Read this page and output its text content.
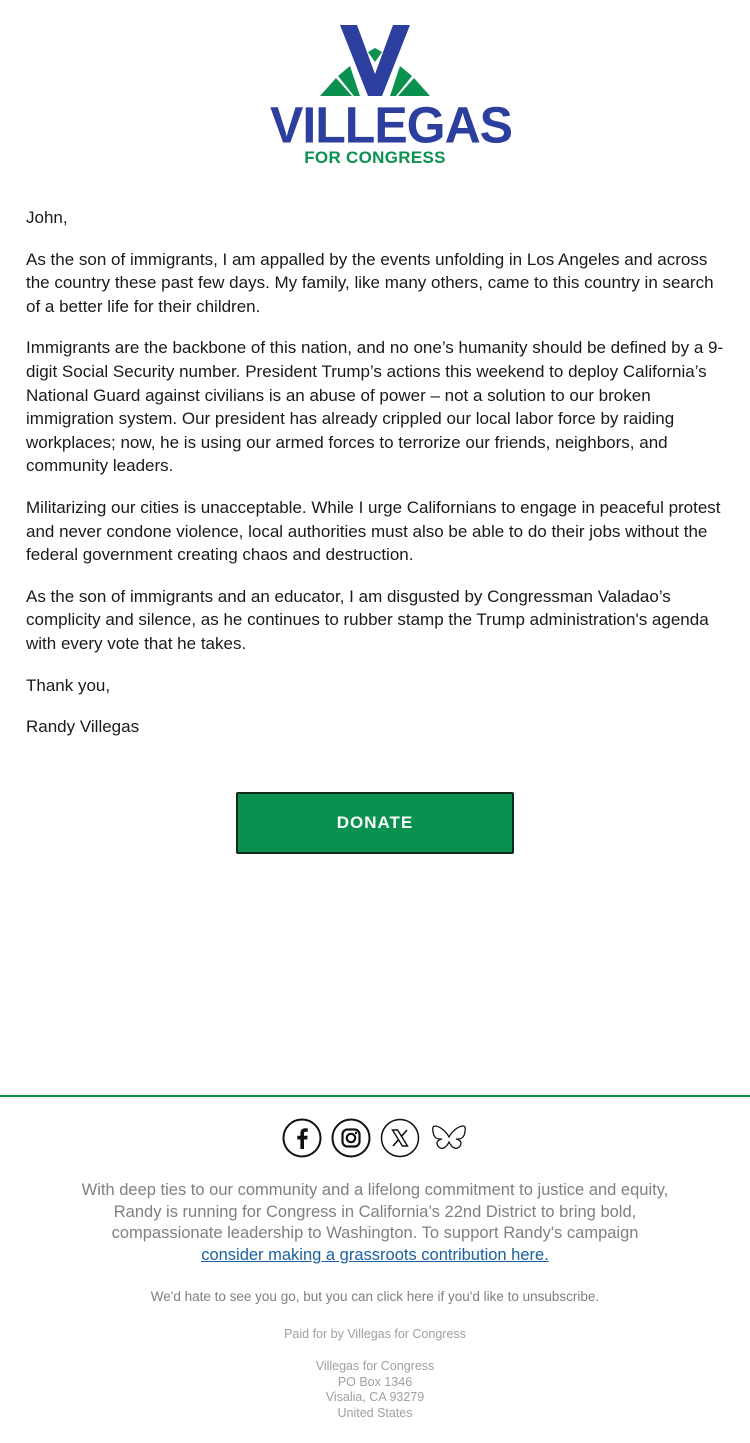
VILLEGAS
FOR CONGRESS

John,

As the son of immigrants, I am appalled by the events unfolding in Los Angeles and across the country these past few days. My family, like many others, came to this country in search of a better life for their children.

Immigrants are the backbone of this nation, and no one’s humanity should be defined by a 9-digit Social Security number. President Trump’s actions this weekend to deploy California’s National Guard against civilians is an abuse of power – not a solution to our broken immigration system. Our president has already crippled our local labor force by raiding workplaces; now, he is using our armed forces to terrorize our friends, neighbors, and community leaders.

Militarizing our cities is unacceptable. While I urge Californians to engage in peaceful protest and never condone violence, local authorities must also be able to do their jobs without the federal government creating chaos and destruction.

As the son of immigrants and an educator, I am disgusted by Congressman Valadao’s complicity and silence, as he continues to rubber stamp the Trump administration's agenda with every vote that he takes.

Thank you,

Randy Villegas

DONATE
With deep ties to our community and a lifelong commitment to justice and equity, Randy is running for Congress in California’s 22nd District to bring bold, compassionate leadership to Washington. To support Randy's campaign consider making a grassroots contribution here.
We'd hate to see you go, but you can click here if you'd like to unsubscribe.
Paid for by Villegas for Congress
Villegas for Congress
PO Box 1346
Visalia, CA 93279
United States
